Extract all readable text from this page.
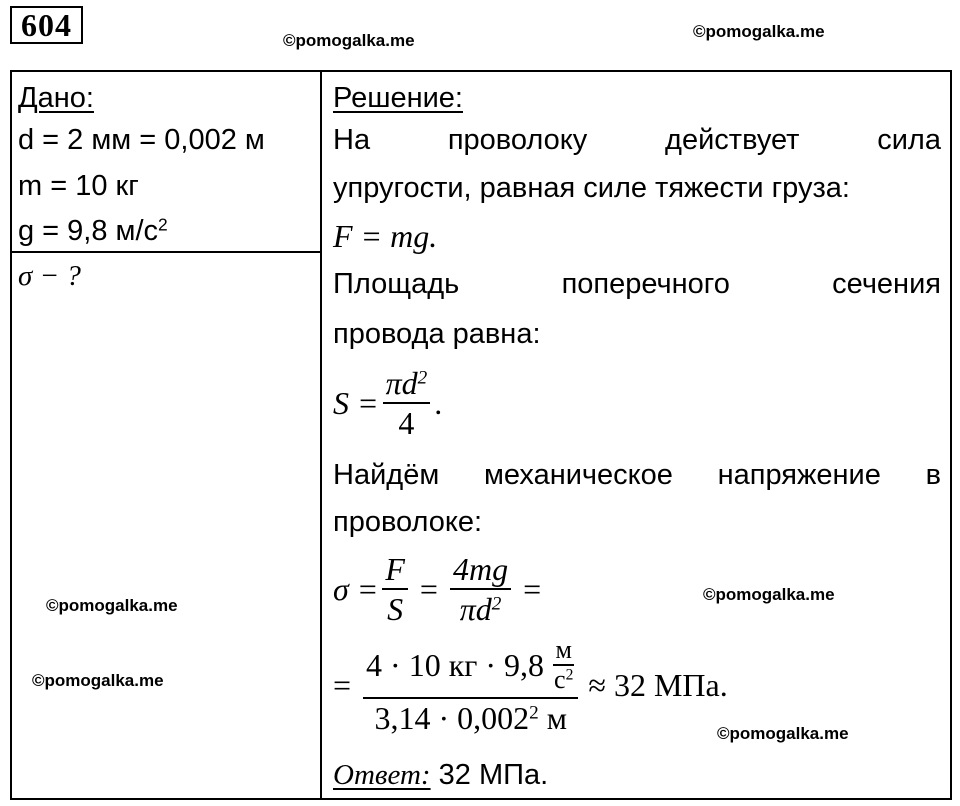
604	©pomogalka.me	©pomogalka.me
©pomogalka.me
©pomogalka.me
©pomogalka.me
©pomogalka.me
Дано:
d = 2 мм = 0,002 м
m = 10 кг
g = 9,8 $м/с^2$
σ − ?
Решение:
На	проволоку	действует	сила
упругости, равная силе тяжести груза:
F = mg.
Площадь	поперечного	сечения
провода равна:
$S = \frac{\pi d^2}{4}$ .
Найдём механическое напряжение в
проволоке:
$\sigma = \frac{F}{S} = \frac{4mg}{\pi d^2}$ =
= $\frac{4 \cdot 10 кг \cdot 9,8 \frac{м}{с^2}}{3,14 \cdot 0,002^2 м} \approx 32$ МПа.
Ответ: 32 МПа.
